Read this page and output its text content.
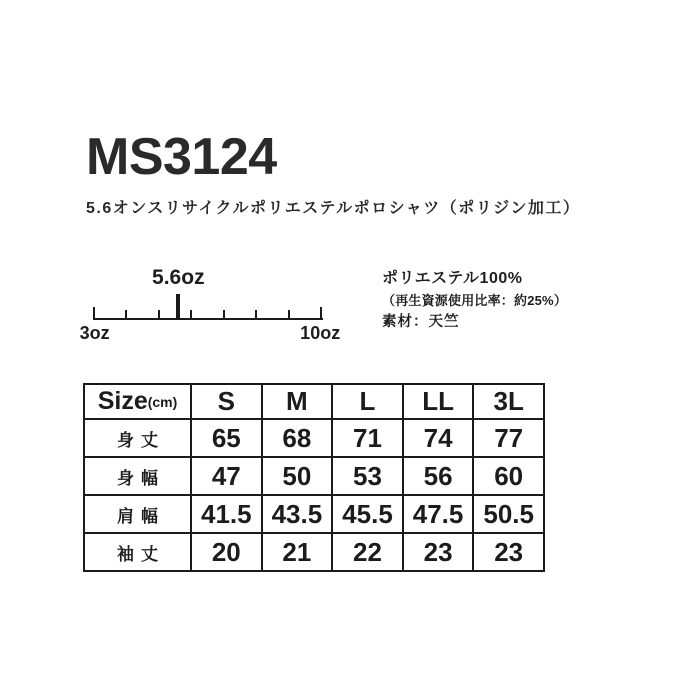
MS3124
5.6オンスリサイクルポリエステルポロシャツ（ポリジン加工）
5.6oz
3oz	10oz
ポリエステル100%
（再生資源使用比率：約25%）
素材：天竺
Size(cm)	S	M	L	LL	3L
身丈	65	68	71	74	77
身幅	47	50	53	56	60
肩幅	41.5	43.5	45.5	47.5	50.5
袖丈	20	21	22	23	23
